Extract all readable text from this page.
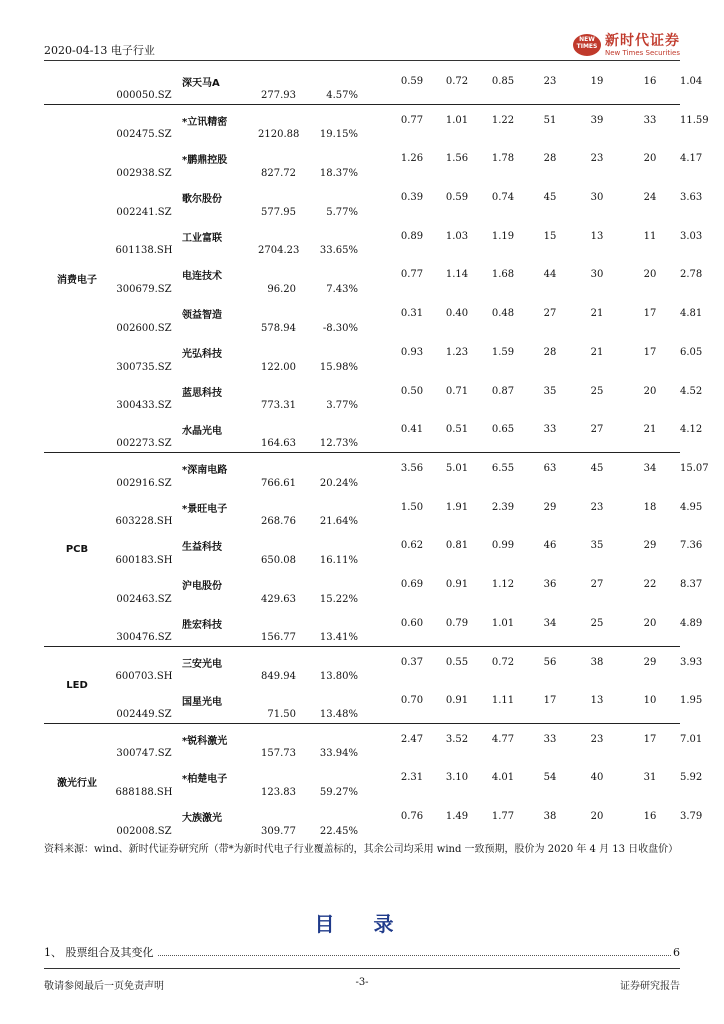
2020-04-13 电子行业
NEW TIMES 新时代证券
New Times Securities
	000050.SZ	深天马A	277.93	4.57%		0.59	0.72	0.85	23	19	16	1.04
消费电子	002475.SZ	*立讯精密	2120.88	19.15%		0.77	1.01	1.22	51	39	33	11.59
	002938.SZ	*鹏鼎控股	827.72	18.37%		1.26	1.56	1.78	28	23	20	4.17
	002241.SZ	歌尔股份	577.95	5.77%		0.39	0.59	0.74	45	30	24	3.63
	601138.SH	工业富联	2704.23	33.65%		0.89	1.03	1.19	15	13	11	3.03
	300679.SZ	电连技术	96.20	7.43%		0.77	1.14	1.68	44	30	20	2.78
	002600.SZ	领益智造	578.94	-8.30%		0.31	0.40	0.48	27	21	17	4.81
	300735.SZ	光弘科技	122.00	15.98%		0.93	1.23	1.59	28	21	17	6.05
	300433.SZ	蓝思科技	773.31	3.77%		0.50	0.71	0.87	35	25	20	4.52
	002273.SZ	水晶光电	164.63	12.73%		0.41	0.51	0.65	33	27	21	4.12
PCB	002916.SZ	*深南电路	766.61	20.24%		3.56	5.01	6.55	63	45	34	15.07
	603228.SH	*景旺电子	268.76	21.64%		1.50	1.91	2.39	29	23	18	4.95
	600183.SH	生益科技	650.08	16.11%		0.62	0.81	0.99	46	35	29	7.36
	002463.SZ	沪电股份	429.63	15.22%		0.69	0.91	1.12	36	27	22	8.37
	300476.SZ	胜宏科技	156.77	13.41%		0.60	0.79	1.01	34	25	20	4.89
LED	600703.SH	三安光电	849.94	13.80%		0.37	0.55	0.72	56	38	29	3.93
	002449.SZ	国星光电	71.50	13.48%		0.70	0.91	1.11	17	13	10	1.95
激光行业	300747.SZ	*锐科激光	157.73	33.94%		2.47	3.52	4.77	33	23	17	7.01
	688188.SH	*柏楚电子	123.83	59.27%		2.31	3.10	4.01	54	40	31	5.92
	002008.SZ	大族激光	309.77	22.45%		0.76	1.49	1.77	38	20	16	3.79
资料来源：wind、新时代证券研究所（带*为新时代电子行业覆盖标的，其余公司均采用 wind 一致预期，股价为 2020 年 4 月 13 日收盘价）
目 录
1、 股票组合及其变化	6
敬请参阅最后一页免责声明	-3-	证券研究报告
